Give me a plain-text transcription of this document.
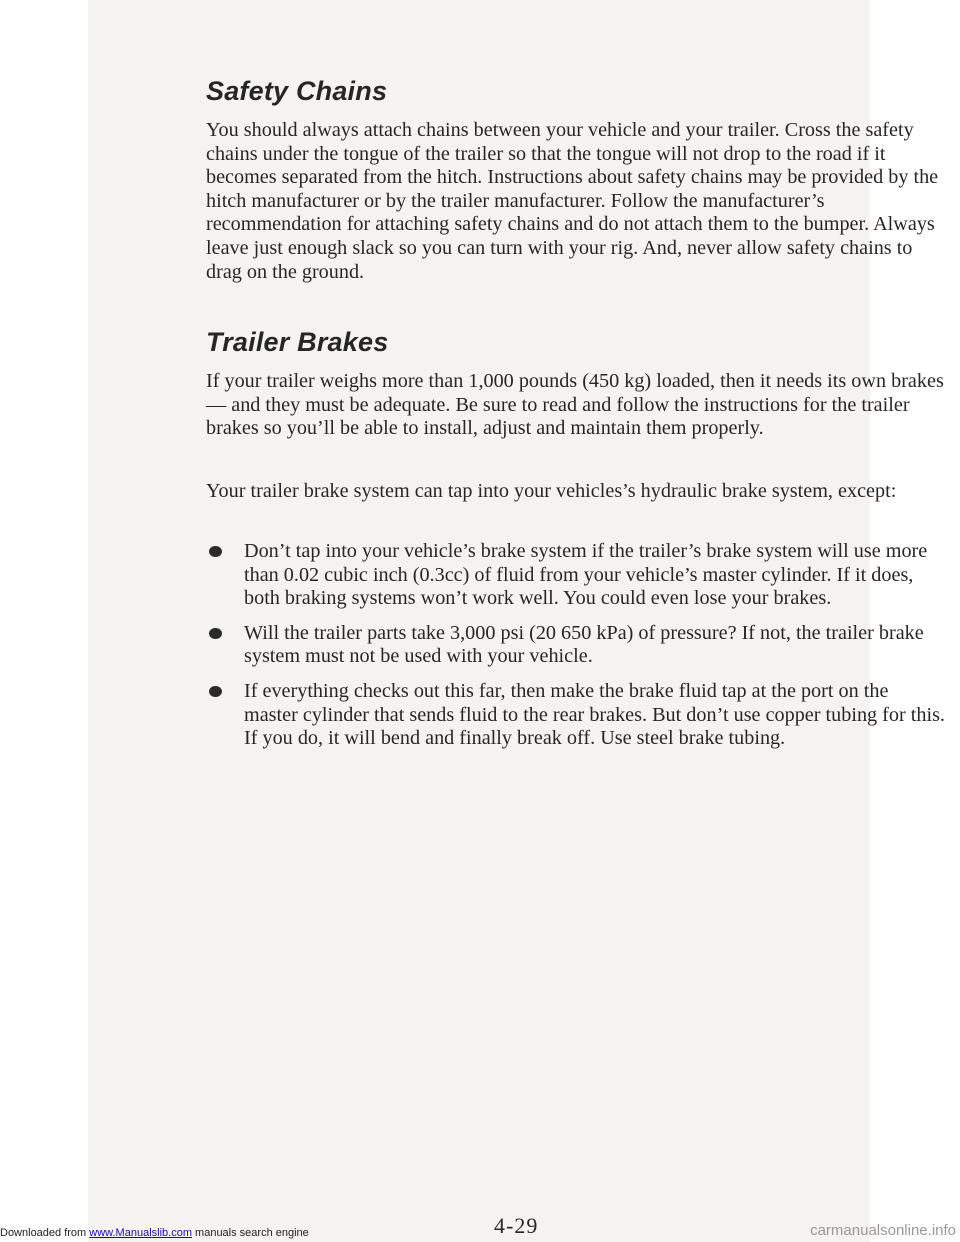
Safety Chains

You should always attach chains between your vehicle and your trailer. Cross the safety chains under the tongue of the trailer so that the tongue will not drop to the road if it becomes separated from the hitch. Instructions about safety chains may be provided by the hitch manufacturer or by the trailer manufacturer. Follow the manufacturer’s recommendation for attaching safety chains and do not attach them to the bumper. Always leave just enough slack so you can turn with your rig. And, never allow safety chains to drag on the ground.

Trailer Brakes

If your trailer weighs more than 1,000 pounds (450 kg) loaded, then it needs its own brakes — and they must be adequate. Be sure to read and follow the instructions for the trailer brakes so you’ll be able to install, adjust and maintain them properly.

Your trailer brake system can tap into your vehicles’s hydraulic brake system, except:

Don’t tap into your vehicle’s brake system if the trailer’s brake system will use more than 0.02 cubic inch (0.3cc) of fluid from your vehicle’s master cylinder. If it does, both braking systems won’t work well. You could even lose your brakes.

Will the trailer parts take 3,000 psi (20 650 kPa) of pressure? If not, the trailer brake system must not be used with your vehicle.

If everything checks out this far, then make the brake fluid tap at the port on the master cylinder that sends fluid to the rear brakes. But don’t use copper tubing for this. If you do, it will bend and finally break off. Use steel brake tubing.

4-29
Downloaded from www.Manualslib.com manuals search engine	carmanualsonline.info
